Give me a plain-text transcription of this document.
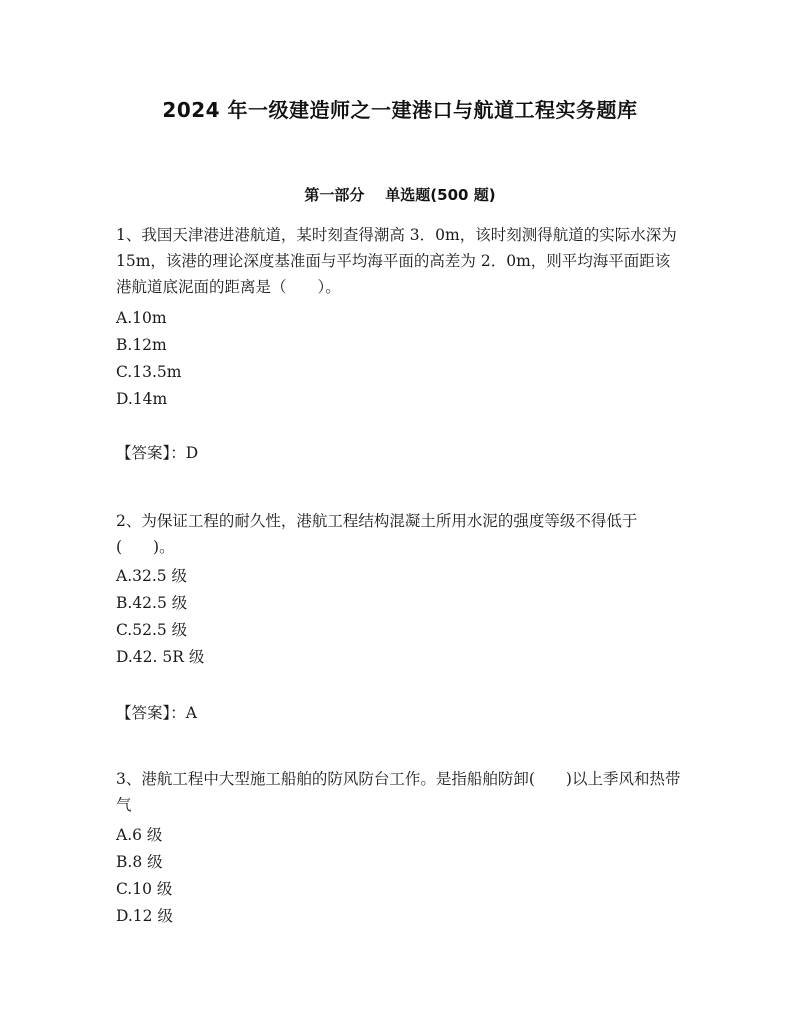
2024 年一级建造师之一建港口与航道工程实务题库
第一部分    单选题(500 题)

1、我国天津港进港航道，某时刻查得潮高 3．0m，该时刻测得航道的实际水深为 15m，该港的理论深度基准面与平均海平面的高差为 2．0m，则平均海平面距该港航道底泥面的距离是（　　）。

A.10m
B.12m
C.13.5m
D.14m
【答案】：D

2、为保证工程的耐久性，港航工程结构混凝土所用水泥的强度等级不得低于(　　)。

A.32.5 级
B.42.5 级
C.52.5 级
D.42. 5R 级
【答案】：A

3、港航工程中大型施工船舶的防风防台工作。是指船舶防卸(　　)以上季风和热带气

A.6 级
B.8 级
C.10 级
D.12 级
